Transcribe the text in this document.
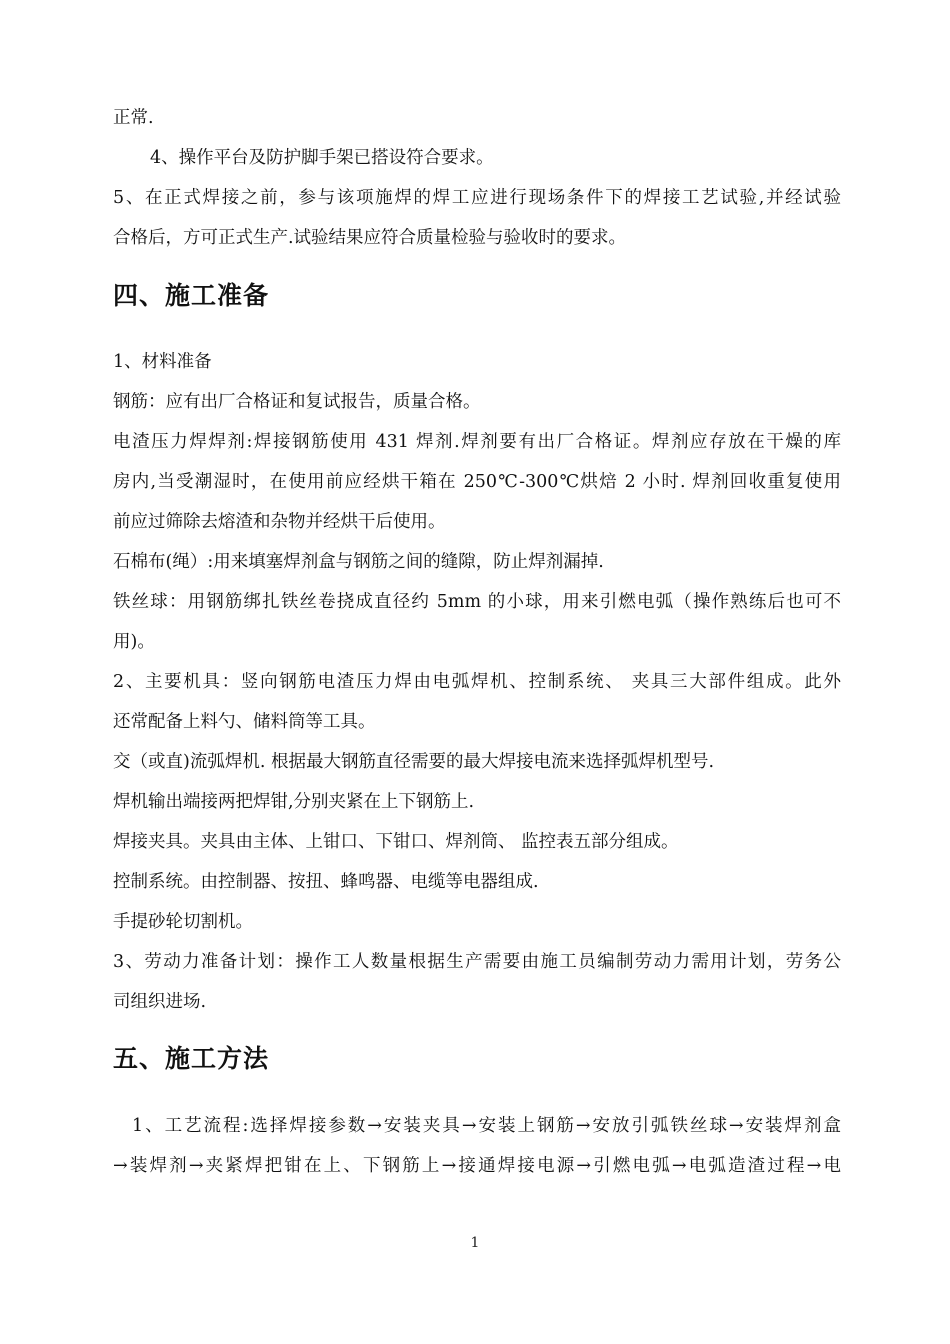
正常.
4、操作平台及防护脚手架已搭设符合要求。
5、在正式焊接之前，参与该项施焊的焊工应进行现场条件下的焊接工艺试验,并经试验
合格后，方可正式生产.试验结果应符合质量检验与验收时的要求。
四、施工准备
1、材料准备
钢筋：应有出厂合格证和复试报告，质量合格。
电渣压力焊焊剂:焊接钢筋使用 431 焊剂.焊剂要有出厂合格证。焊剂应存放在干燥的库
房内,当受潮湿时，在使用前应经烘干箱在 250℃-300℃烘焙 2 小时. 焊剂回收重复使用
前应过筛除去熔渣和杂物并经烘干后使用。
石棉布(绳）:用来填塞焊剂盒与钢筋之间的缝隙，防止焊剂漏掉.
铁丝球：用钢筋绑扎铁丝卷挠成直径约 5mm 的小球，用来引燃电弧（操作熟练后也可不
用)。
2、主要机具：竖向钢筋电渣压力焊由电弧焊机、控制系统、 夹具三大部件组成。此外
还常配备上料勺、储料筒等工具。
交（或直)流弧焊机. 根据最大钢筋直径需要的最大焊接电流来选择弧焊机型号.
焊机输出端接两把焊钳,分别夹紧在上下钢筋上.
焊接夹具。夹具由主体、上钳口、下钳口、焊剂筒、 监控表五部分组成。
控制系统。由控制器、按扭、蜂鸣器、电缆等电器组成.
手提砂轮切割机。
3、劳动力准备计划：操作工人数量根据生产需要由施工员编制劳动力需用计划，劳务公
司组织进场.
五、施工方法
1、工艺流程:选择焊接参数→安装夹具→安装上钢筋→安放引弧铁丝球→安装焊剂盒
→装焊剂→夹紧焊把钳在上、下钢筋上→接通焊接电源→引燃电弧→电弧造渣过程→电
1
